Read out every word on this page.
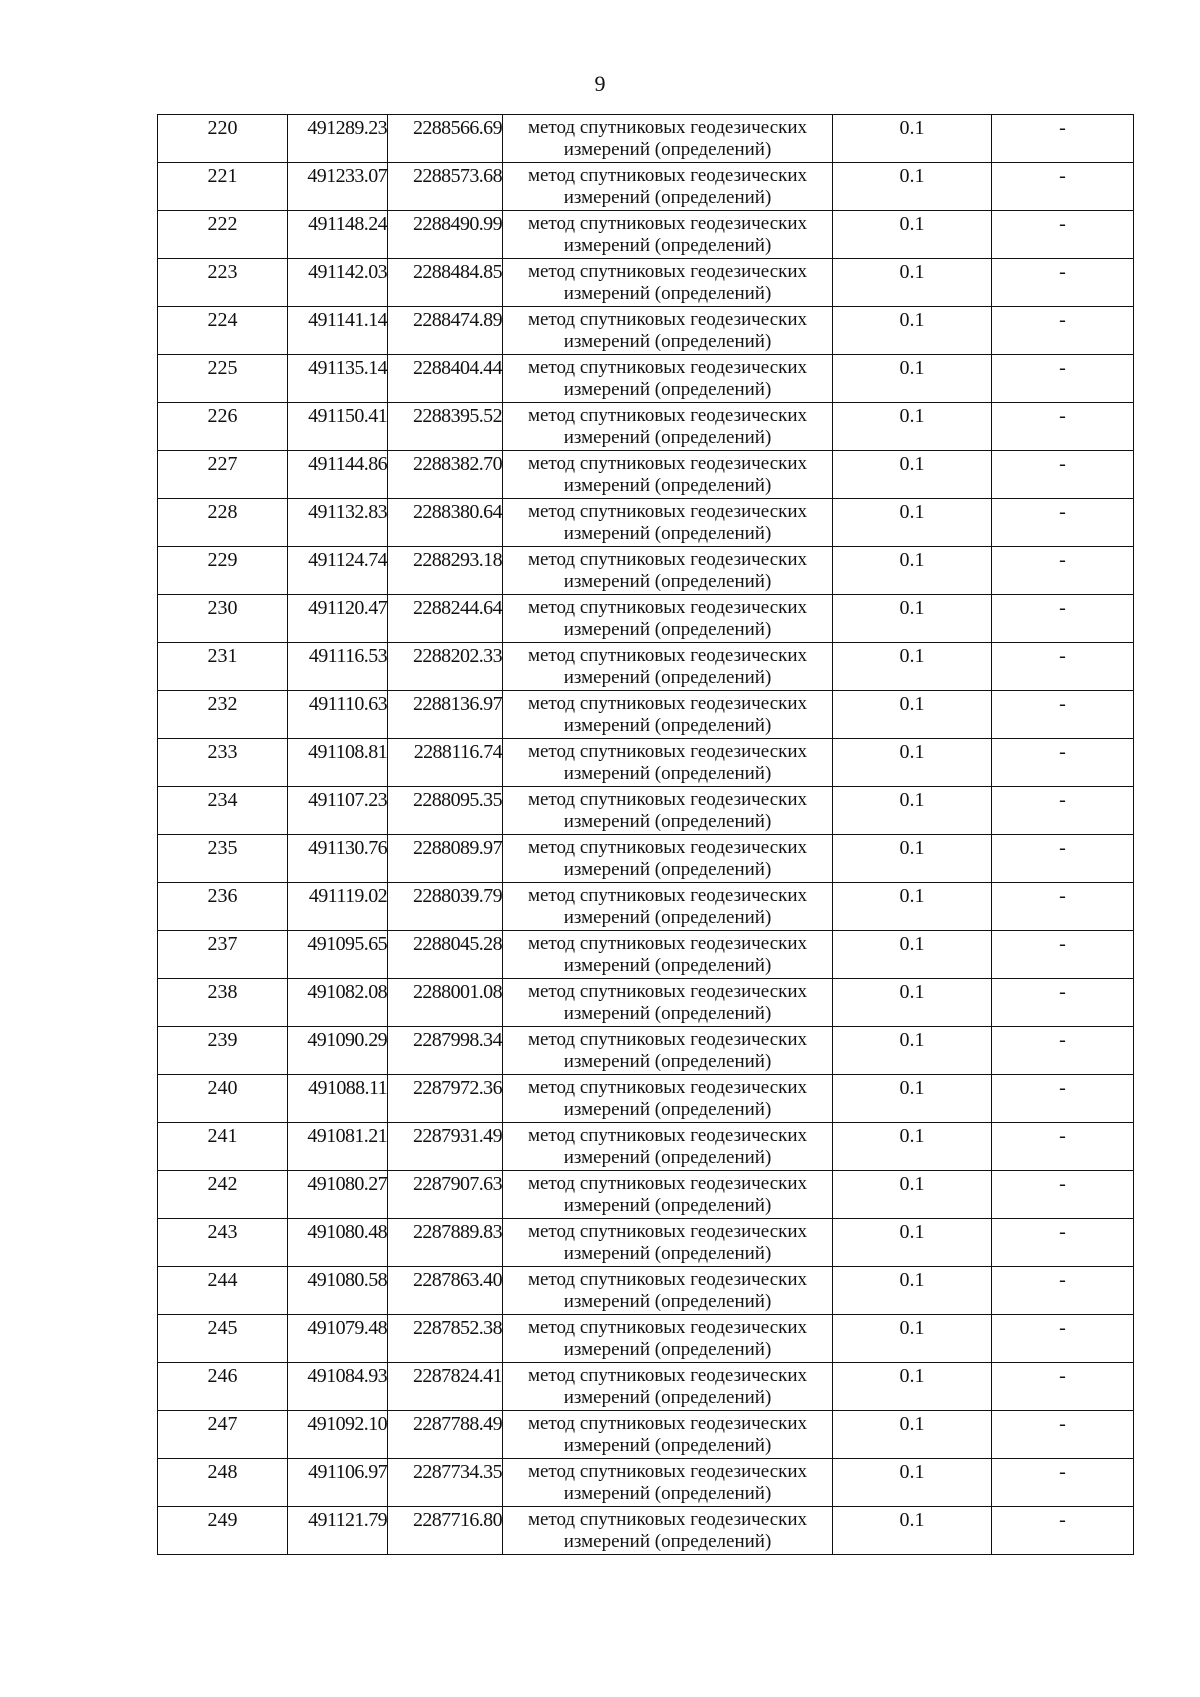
9
220	491289.23	2288566.69	метод спутниковых геодезических
измерений (определений)	0.1	-

221	491233.07	2288573.68	метод спутниковых геодезических
измерений (определений)	0.1	-

222	491148.24	2288490.99	метод спутниковых геодезических
измерений (определений)	0.1	-

223	491142.03	2288484.85	метод спутниковых геодезических
измерений (определений)	0.1	-

224	491141.14	2288474.89	метод спутниковых геодезических
измерений (определений)	0.1	-

225	491135.14	2288404.44	метод спутниковых геодезических
измерений (определений)	0.1	-

226	491150.41	2288395.52	метод спутниковых геодезических
измерений (определений)	0.1	-

227	491144.86	2288382.70	метод спутниковых геодезических
измерений (определений)	0.1	-

228	491132.83	2288380.64	метод спутниковых геодезических
измерений (определений)	0.1	-

229	491124.74	2288293.18	метод спутниковых геодезических
измерений (определений)	0.1	-

230	491120.47	2288244.64	метод спутниковых геодезических
измерений (определений)	0.1	-

231	491116.53	2288202.33	метод спутниковых геодезических
измерений (определений)	0.1	-

232	491110.63	2288136.97	метод спутниковых геодезических
измерений (определений)	0.1	-

233	491108.81	2288116.74	метод спутниковых геодезических
измерений (определений)	0.1	-

234	491107.23	2288095.35	метод спутниковых геодезических
измерений (определений)	0.1	-

235	491130.76	2288089.97	метод спутниковых геодезических
измерений (определений)	0.1	-

236	491119.02	2288039.79	метод спутниковых геодезических
измерений (определений)	0.1	-

237	491095.65	2288045.28	метод спутниковых геодезических
измерений (определений)	0.1	-

238	491082.08	2288001.08	метод спутниковых геодезических
измерений (определений)	0.1	-

239	491090.29	2287998.34	метод спутниковых геодезических
измерений (определений)	0.1	-

240	491088.11	2287972.36	метод спутниковых геодезических
измерений (определений)	0.1	-

241	491081.21	2287931.49	метод спутниковых геодезических
измерений (определений)	0.1	-

242	491080.27	2287907.63	метод спутниковых геодезических
измерений (определений)	0.1	-

243	491080.48	2287889.83	метод спутниковых геодезических
измерений (определений)	0.1	-

244	491080.58	2287863.40	метод спутниковых геодезических
измерений (определений)	0.1	-

245	491079.48	2287852.38	метод спутниковых геодезических
измерений (определений)	0.1	-

246	491084.93	2287824.41	метод спутниковых геодезических
измерений (определений)	0.1	-

247	491092.10	2287788.49	метод спутниковых геодезических
измерений (определений)	0.1	-

248	491106.97	2287734.35	метод спутниковых геодезических
измерений (определений)	0.1	-

249	491121.79	2287716.80	метод спутниковых геодезических
измерений (определений)	0.1	-
